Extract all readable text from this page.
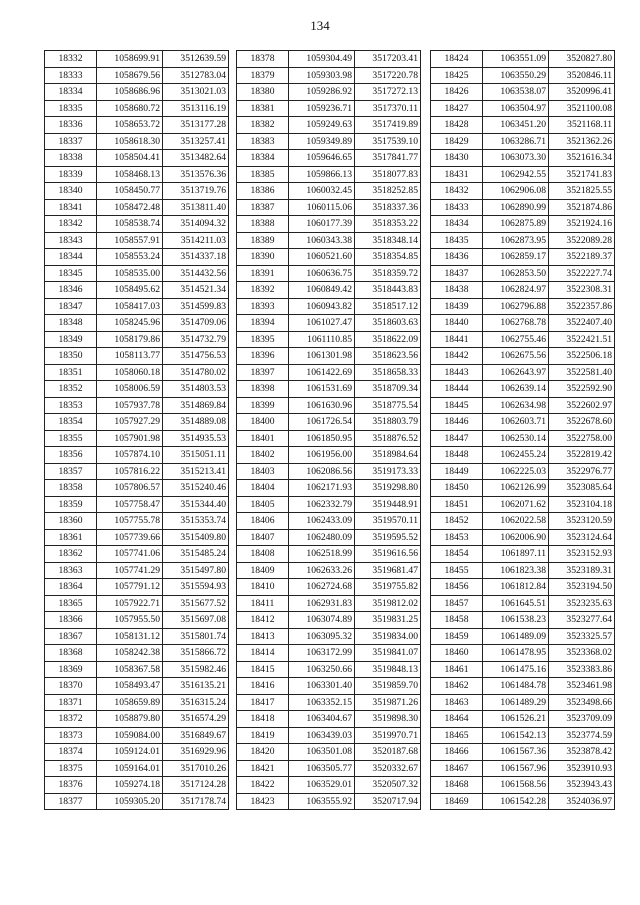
134
18332	1058699.91	3512639.59
18333	1058679.56	3512783.04
18334	1058686.96	3513021.03
18335	1058680.72	3513116.19
18336	1058653.72	3513177.28
18337	1058618.30	3513257.41
18338	1058504.41	3513482.64
18339	1058468.13	3513576.36
18340	1058450.77	3513719.76
18341	1058472.48	3513811.40
18342	1058538.74	3514094.32
18343	1058557.91	3514211.03
18344	1058553.24	3514337.18
18345	1058535.00	3514432.56
18346	1058495.62	3514521.34
18347	1058417.03	3514599.83
18348	1058245.96	3514709.06
18349	1058179.86	3514732.79
18350	1058113.77	3514756.53
18351	1058060.18	3514780.02
18352	1058006.59	3514803.53
18353	1057937.78	3514869.84
18354	1057927.29	3514889.08
18355	1057901.98	3514935.53
18356	1057874.10	3515051.11
18357	1057816.22	3515213.41
18358	1057806.57	3515240.46
18359	1057758.47	3515344.40
18360	1057755.78	3515353.74
18361	1057739.66	3515409.80
18362	1057741.06	3515485.24
18363	1057741.29	3515497.80
18364	1057791.12	3515594.93
18365	1057922.71	3515677.52
18366	1057955.50	3515697.08
18367	1058131.12	3515801.74
18368	1058242.38	3515866.72
18369	1058367.58	3515982.46
18370	1058493.47	3516135.21
18371	1058659.89	3516315.24
18372	1058879.80	3516574.29
18373	1059084.00	3516849.67
18374	1059124.01	3516929.96
18375	1059164.01	3517010.26
18376	1059274.18	3517124.28
18377	1059305.20	3517178.74
18378	1059304.49	3517203.41
18379	1059303.98	3517220.78
18380	1059286.92	3517272.13
18381	1059236.71	3517370.11
18382	1059249.63	3517419.89
18383	1059349.89	3517539.10
18384	1059646.65	3517841.77
18385	1059866.13	3518077.83
18386	1060032.45	3518252.85
18387	1060115.06	3518337.36
18388	1060177.39	3518353.22
18389	1060343.38	3518348.14
18390	1060521.60	3518354.85
18391	1060636.75	3518359.72
18392	1060849.42	3518443.83
18393	1060943.82	3518517.12
18394	1061027.47	3518603.63
18395	1061110.85	3518622.09
18396	1061301.98	3518623.56
18397	1061422.69	3518658.33
18398	1061531.69	3518709.34
18399	1061630.96	3518775.54
18400	1061726.54	3518803.79
18401	1061850.95	3518876.52
18402	1061956.00	3518984.64
18403	1062086.56	3519173.33
18404	1062171.93	3519298.80
18405	1062332.79	3519448.91
18406	1062433.09	3519570.11
18407	1062480.09	3519595.52
18408	1062518.99	3519616.56
18409	1062633.26	3519681.47
18410	1062724.68	3519755.82
18411	1062931.83	3519812.02
18412	1063074.89	3519831.25
18413	1063095.32	3519834.00
18414	1063172.99	3519841.07
18415	1063250.66	3519848.13
18416	1063301.40	3519859.70
18417	1063352.15	3519871.26
18418	1063404.67	3519898.30
18419	1063439.03	3519970.71
18420	1063501.08	3520187.68
18421	1063505.77	3520332.67
18422	1063529.01	3520507.32
18423	1063555.92	3520717.94
18424	1063551.09	3520827.80
18425	1063550.29	3520846.11
18426	1063538.07	3520996.41
18427	1063504.97	3521100.08
18428	1063451.20	3521168.11
18429	1063286.71	3521362.26
18430	1063073.30	3521616.34
18431	1062942.55	3521741.83
18432	1062906.08	3521825.55
18433	1062890.99	3521874.86
18434	1062875.89	3521924.16
18435	1062873.95	3522089.28
18436	1062859.17	3522189.37
18437	1062853.50	3522227.74
18438	1062824.97	3522308.31
18439	1062796.88	3522357.86
18440	1062768.78	3522407.40
18441	1062755.46	3522421.51
18442	1062675.56	3522506.18
18443	1062643.97	3522581.40
18444	1062639.14	3522592.90
18445	1062634.98	3522602.97
18446	1062603.71	3522678.60
18447	1062530.14	3522758.00
18448	1062455.24	3522819.42
18449	1062225.03	3522976.77
18450	1062126.99	3523085.64
18451	1062071.62	3523104.18
18452	1062022.58	3523120.59
18453	1062006.90	3523124.64
18454	1061897.11	3523152.93
18455	1061823.38	3523189.31
18456	1061812.84	3523194.50
18457	1061645.51	3523235.63
18458	1061538.23	3523277.64
18459	1061489.09	3523325.57
18460	1061478.95	3523368.02
18461	1061475.16	3523383.86
18462	1061484.78	3523461.98
18463	1061489.29	3523498.66
18464	1061526.21	3523709.09
18465	1061542.13	3523774.59
18466	1061567.36	3523878.42
18467	1061567.96	3523910.93
18468	1061568.56	3523943.43
18469	1061542.28	3524036.97
